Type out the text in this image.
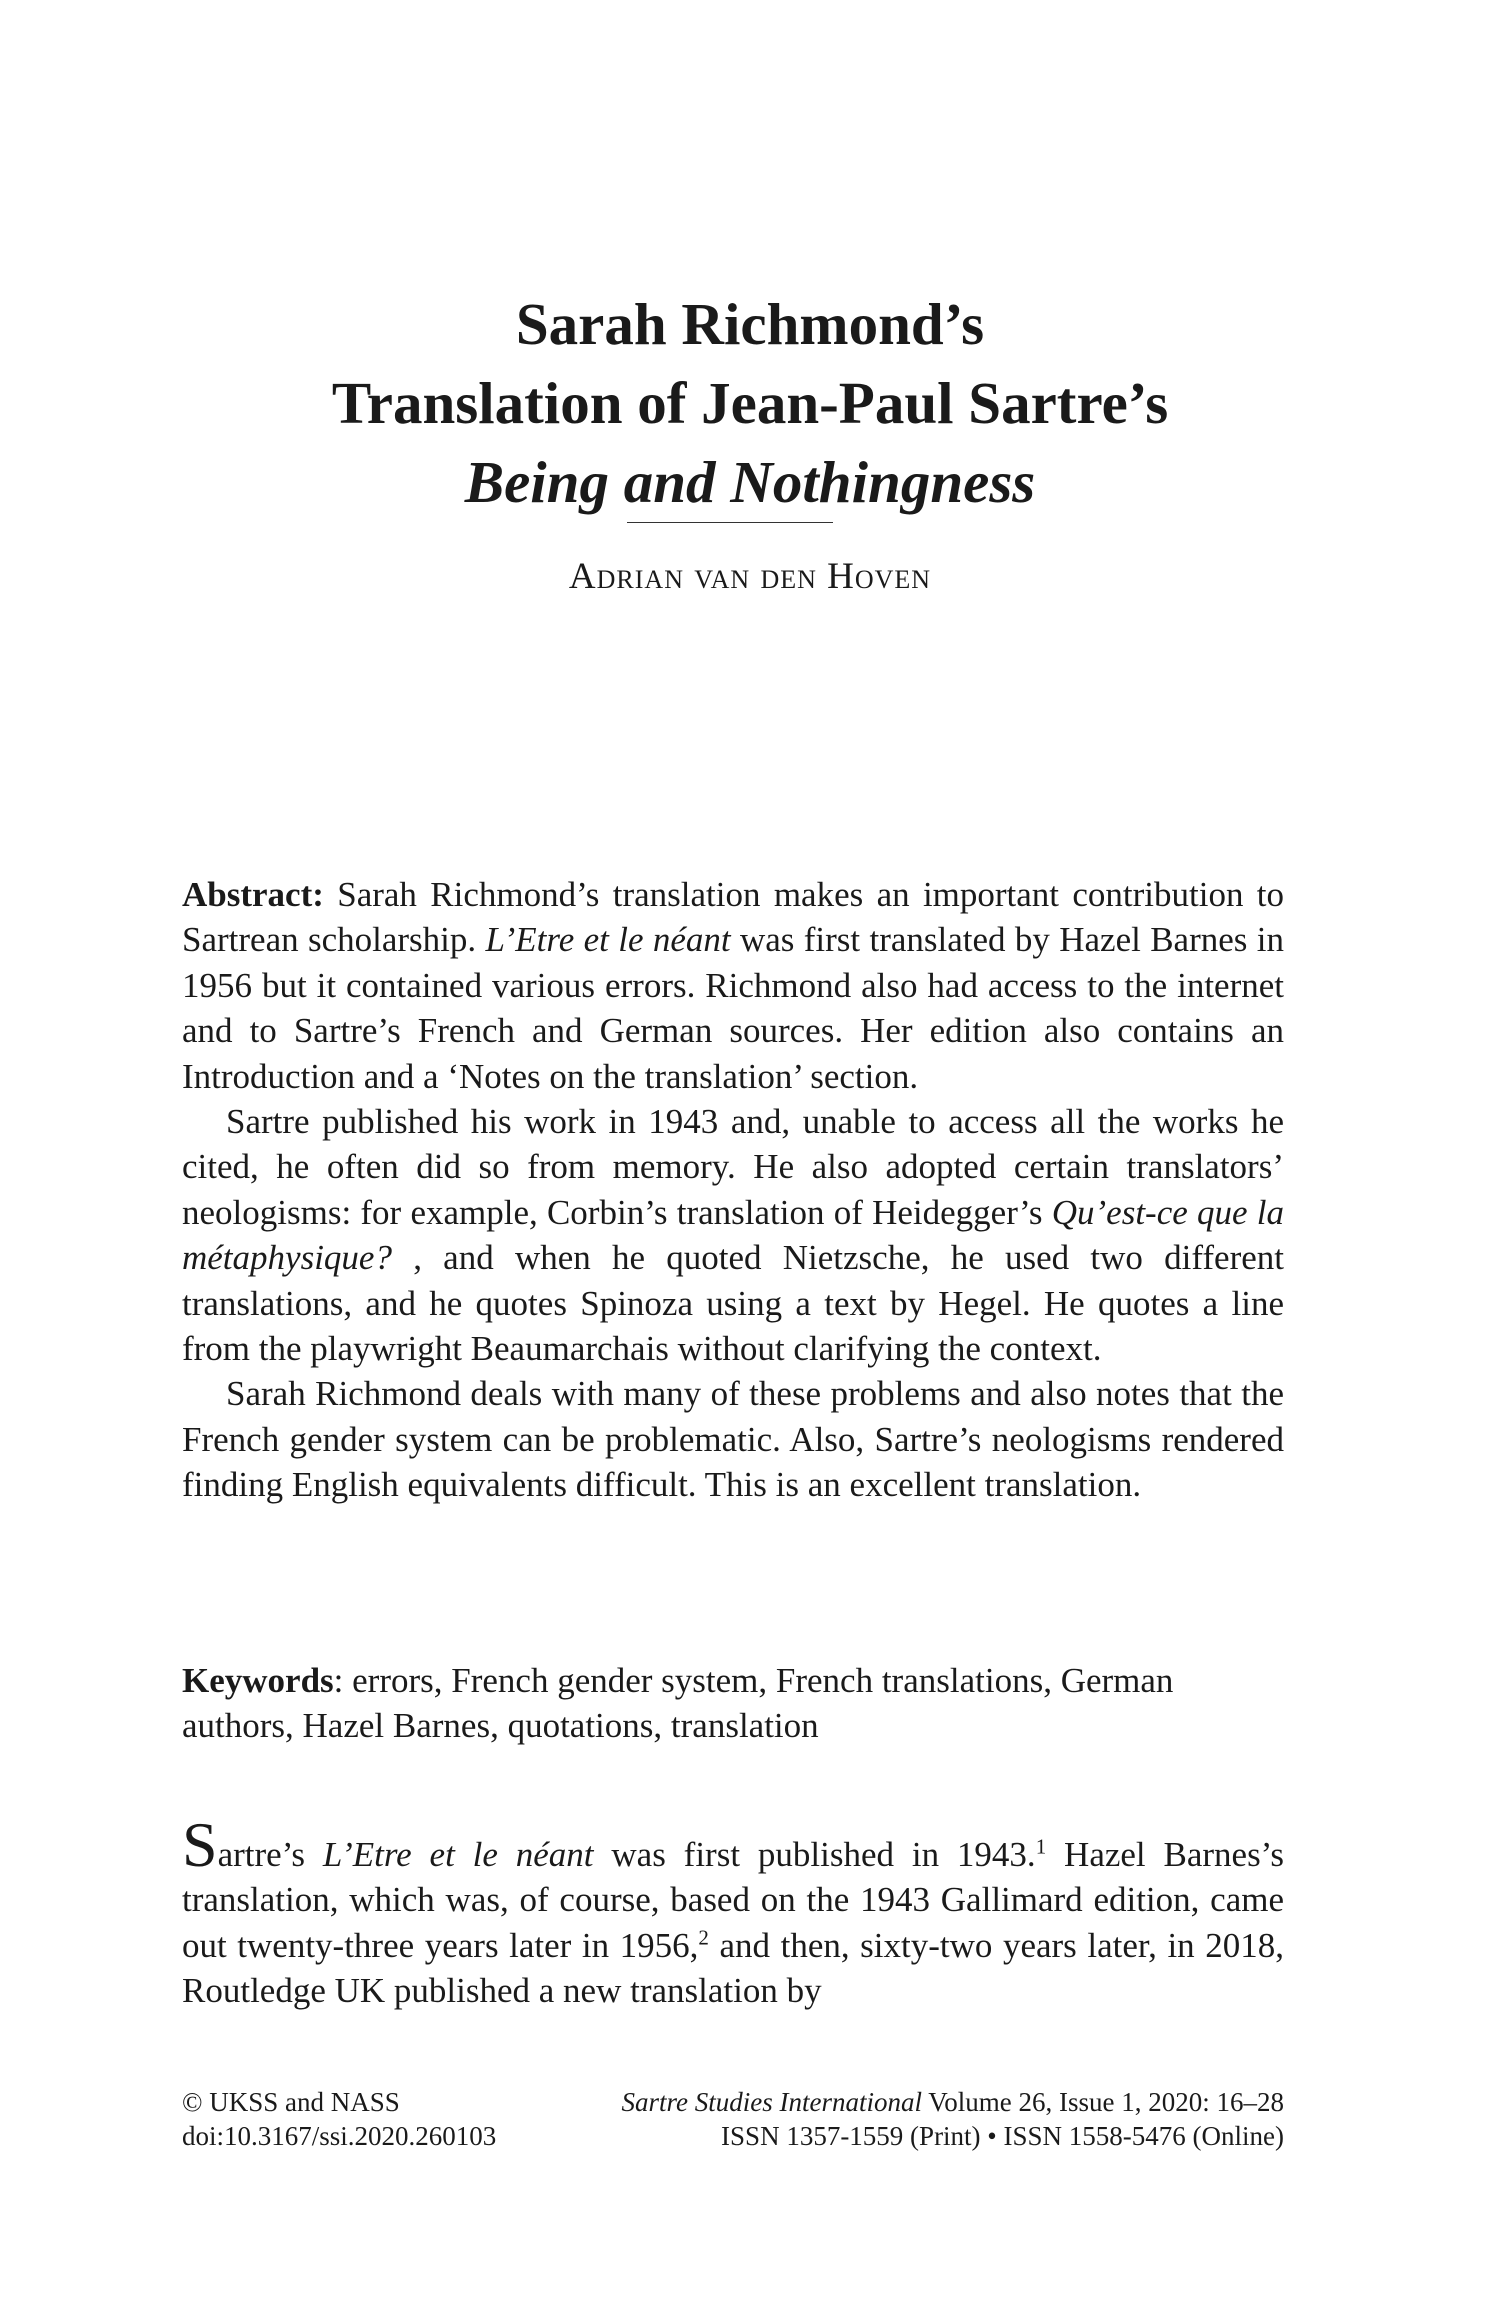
Sarah Richmond’s
Translation of Jean-Paul Sartre’s
Being and Nothingness
Adrian van den Hoven

Abstract: Sarah Richmond’s translation makes an important contribution to Sartrean scholarship. L’Etre et le néant was first translated by Hazel Barnes in 1956 but it contained various errors. Richmond also had access to the internet and to Sartre’s French and German sources. Her edition also contains an Introduction and a ‘Notes on the translation’ section.

Sartre published his work in 1943 and, unable to access all the works he cited, he often did so from memory. He also adopted certain translators’ neologisms: for example, Corbin’s translation of Heidegger’s Qu’est-ce que la métaphysique? , and when he quoted Nietzsche, he used two different translations, and he quotes Spinoza using a text by Hegel. He quotes a line from the playwright Beaumarchais without clarifying the context.

Sarah Richmond deals with many of these problems and also notes that the French gender system can be problematic. Also, Sartre’s neologisms rendered finding English equivalents difficult. This is an excellent translation.

Keywords: errors, French gender system, French translations, German authors, Hazel Barnes, quotations, translation

Sartre’s L’Etre et le néant was first published in 1943.$^1$ Hazel Barnes’s translation, which was, of course, based on the 1943 Gallimard edition, came out twenty-three years later in 1956,$^2$ and then, sixty-two years later, in 2018, Routledge UK published a new translation by

© UKSS and NASS	Sartre Studies International Volume 26, Issue 1, 2020: 16–28
doi:10.3167/ssi.2020.260103	ISSN 1357-1559 (Print) • ISSN 1558-5476 (Online)
